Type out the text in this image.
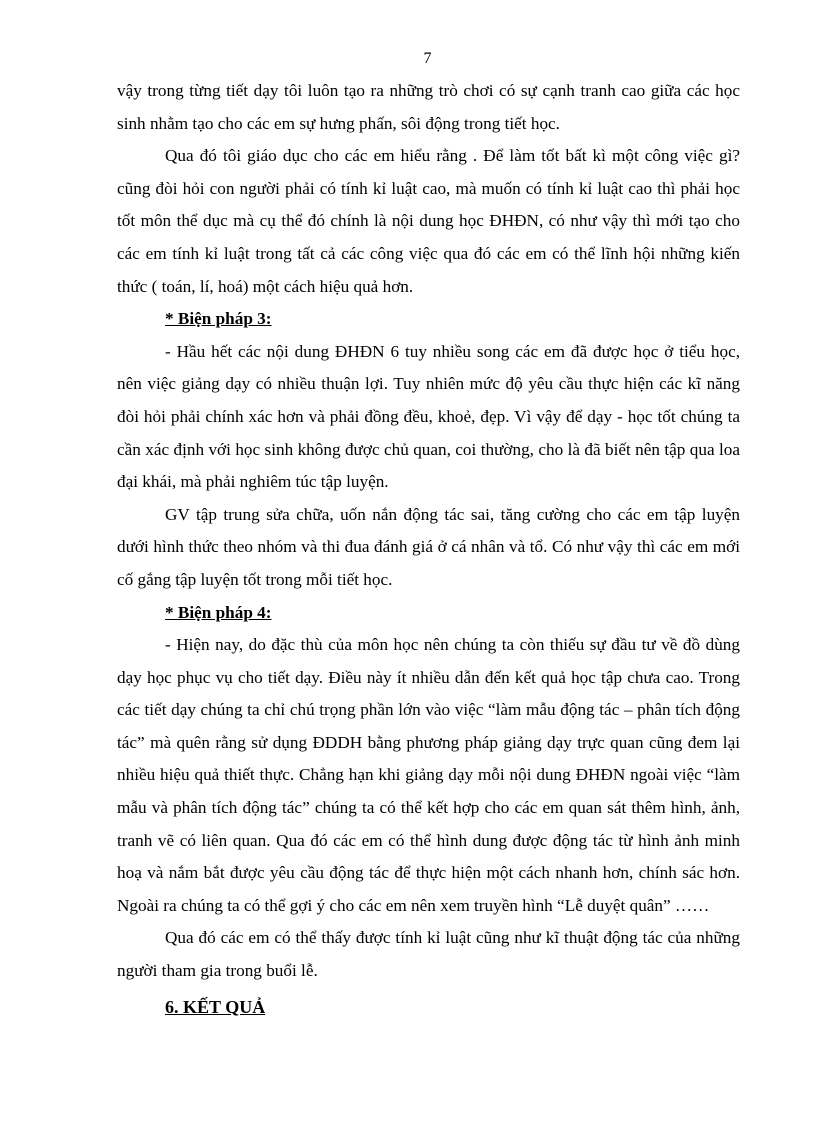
7

vậy trong từng tiết dạy tôi luôn tạo ra những trò chơi có sự cạnh tranh cao giữa các học sinh nhằm tạo cho các em sự hưng phấn, sôi động trong tiết học.

Qua đó tôi giáo dục cho các em hiểu rằng . Để làm tốt bất kì một công việc gì? cũng đòi hỏi con người phải có tính kỉ luật cao, mà muốn có tính kỉ luật cao thì phải học tốt môn thể dục mà cụ thể đó chính là nội dung học ĐHĐN, có như vậy thì mới tạo cho các em tính kỉ luật trong tất cả các công việc qua đó các em có thể lĩnh hội những kiến thức ( toán, lí, hoá) một cách hiệu quả hơn.

* Biện pháp 3:

- Hầu hết các nội dung ĐHĐN 6 tuy nhiều song các em đã được học ở tiểu học, nên việc giảng dạy có nhiều thuận lợi. Tuy nhiên mức độ yêu cầu thực hiện các kĩ năng đòi hỏi phải chính xác hơn và phải đồng đều, khoẻ, đẹp. Vì vậy để dạy - học tốt chúng ta cần xác định với học sinh không được chủ quan, coi thường, cho là đã biết nên tập qua loa đại khái, mà phải nghiêm túc tập luyện.

GV tập trung sửa chữa, uốn nắn động tác sai, tăng cường cho các em tập luyện dưới hình thức theo nhóm và thi đua đánh giá ở cá nhân và tổ. Có như vậy thì các em mới cố gắng tập luyện tốt trong mỗi tiết học.

* Biện pháp 4:

- Hiện nay, do đặc thù của môn học nên chúng ta còn thiếu sự đầu tư về đồ dùng dạy học phục vụ cho tiết dạy. Điều này ít nhiều dẫn đến kết quả học tập chưa cao. Trong các tiết dạy chúng ta chỉ chú trọng phần lớn vào việc “làm mẫu động tác – phân tích động tác” mà quên rằng sử dụng ĐDDH bằng phương pháp giảng dạy trực quan cũng đem lại nhiều hiệu quả thiết thực. Chẳng hạn khi giảng dạy mỗi nội dung ĐHĐN ngoài việc “làm mẫu và phân tích động tác” chúng ta có thể kết hợp cho các em quan sát thêm hình, ảnh, tranh vẽ có liên quan. Qua đó các em có thể hình dung được động tác từ hình ảnh minh hoạ và nắm bắt được yêu cầu động tác để thực hiện một cách nhanh hơn, chính sác hơn. Ngoài ra chúng ta có thể gợi ý cho các em nên xem truyền hình “Lễ duyệt quân” ……

Qua đó các em có thể thấy được tính kỉ luật cũng như kĩ thuật động tác của những người tham gia trong buổi lễ.

6. KẾT QUẢ
